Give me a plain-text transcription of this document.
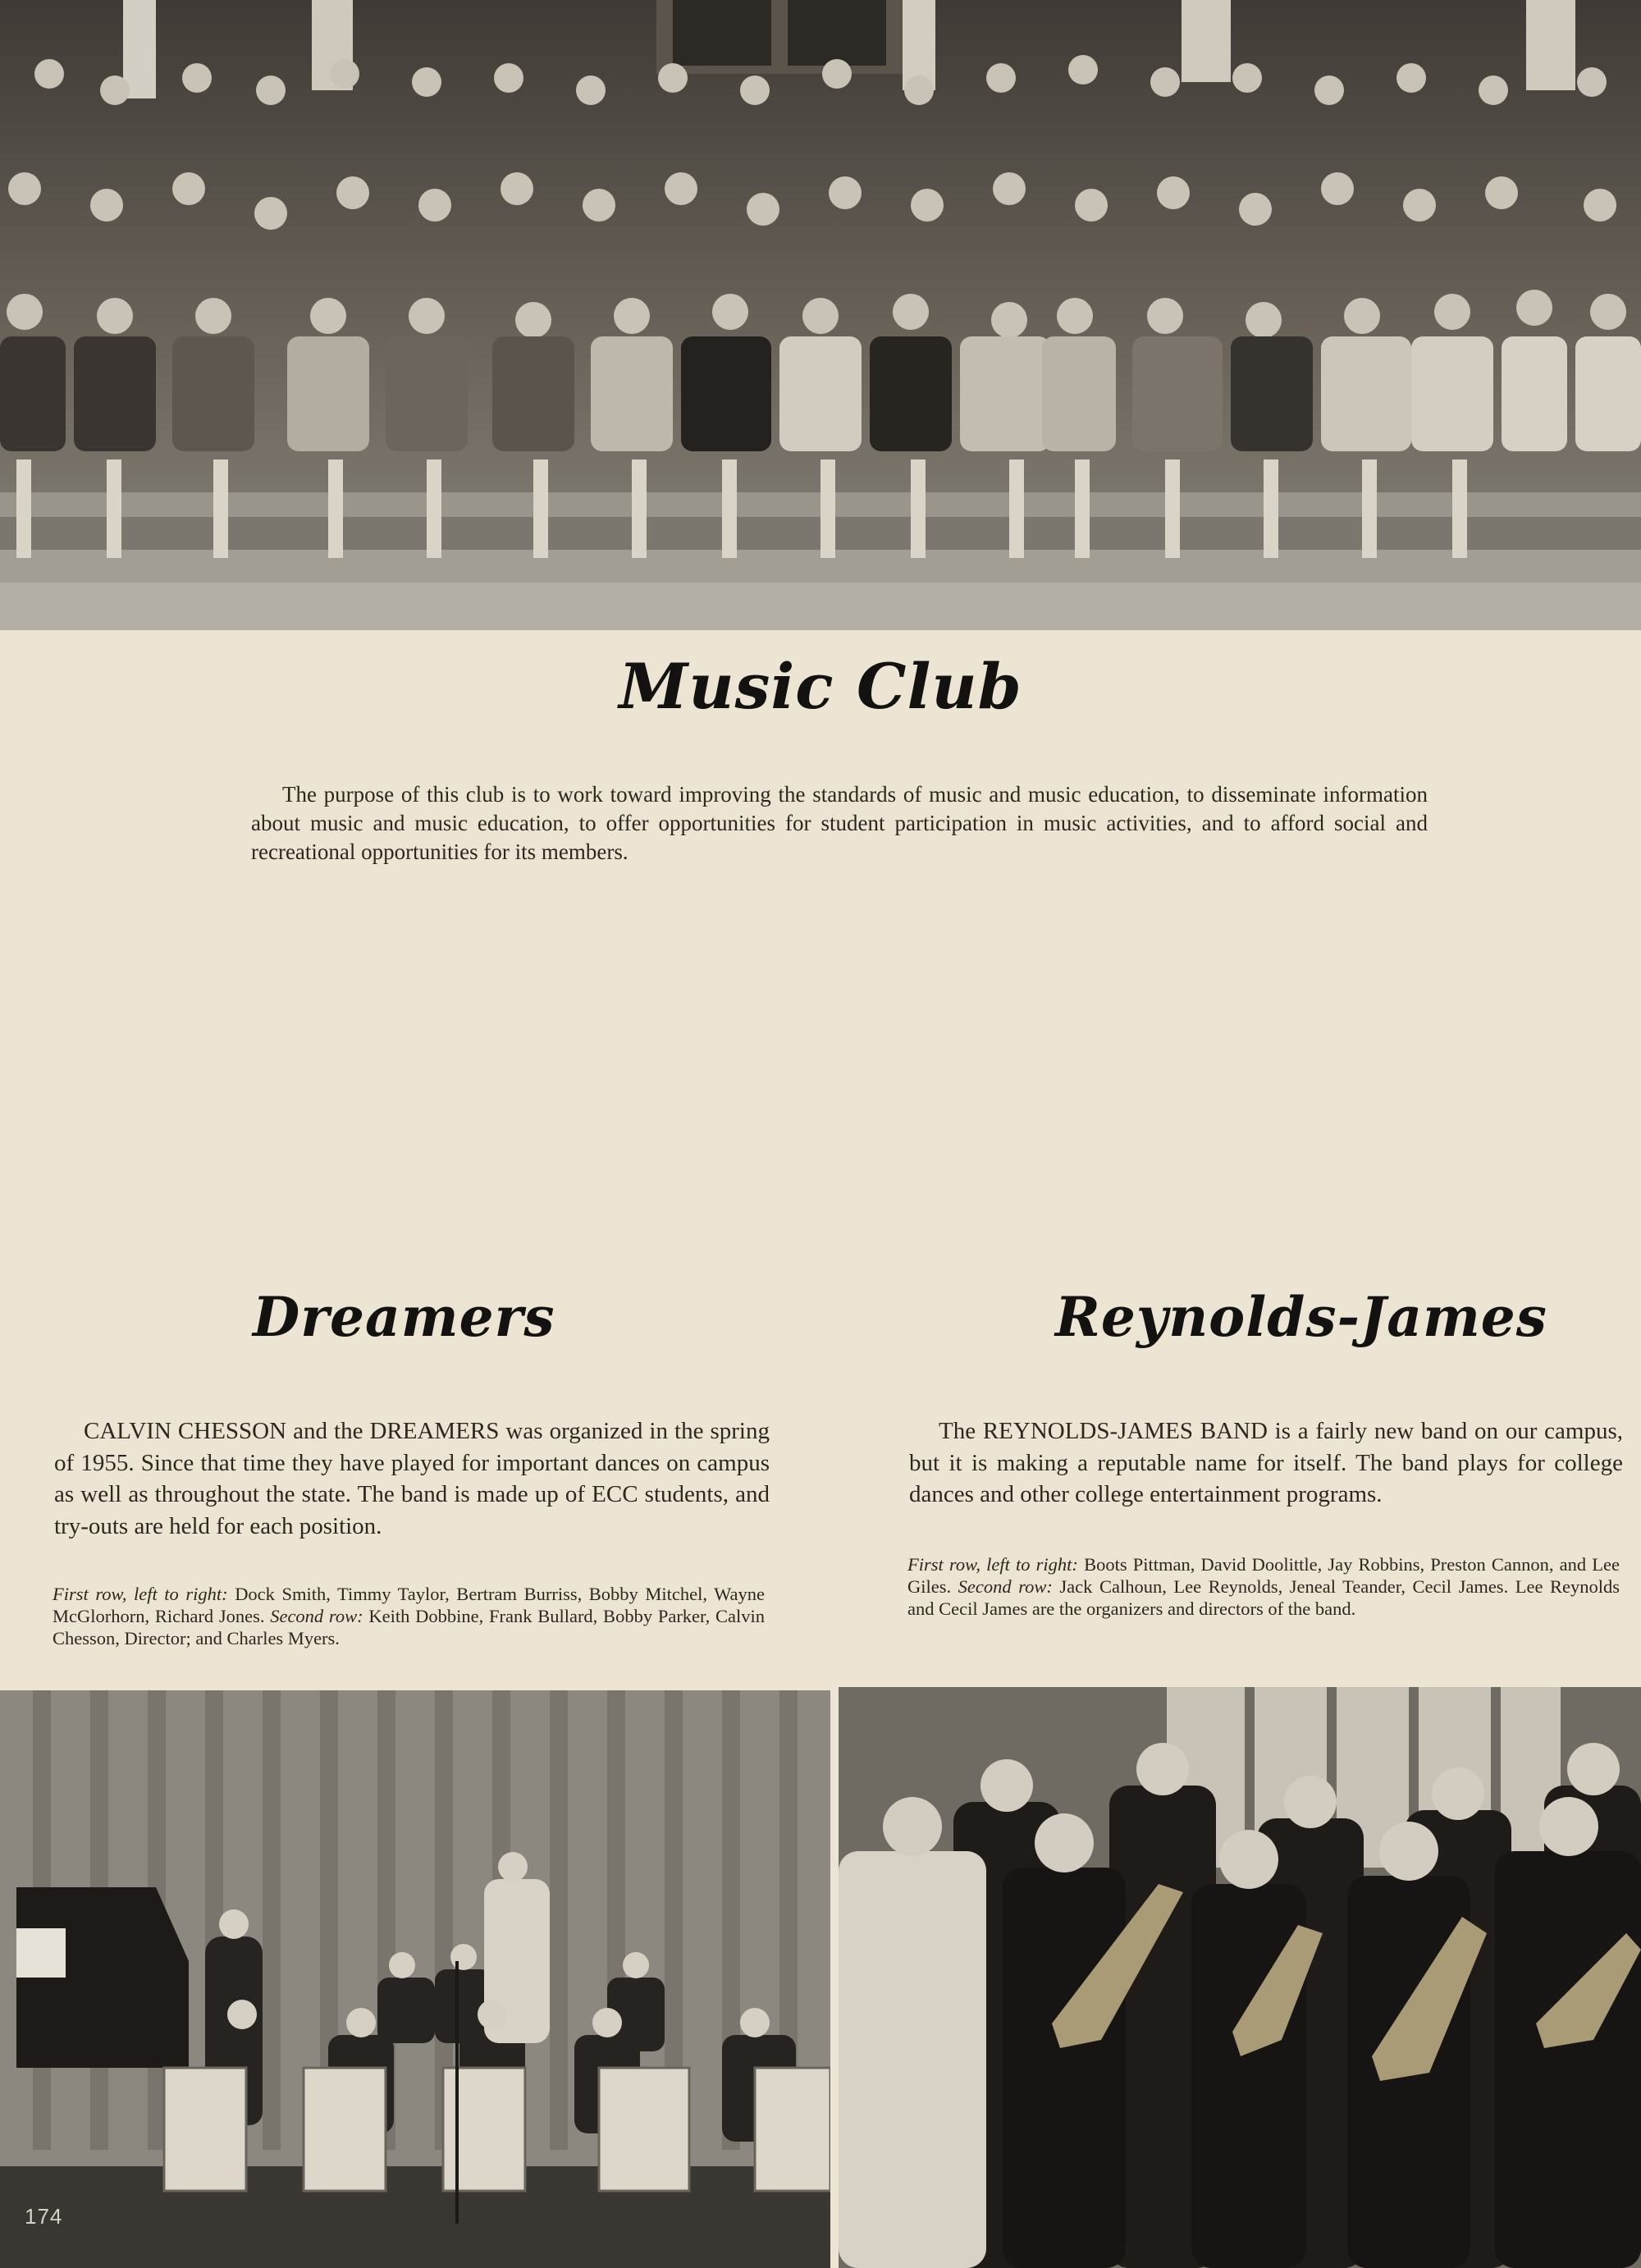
Music Club

The purpose of this club is to work toward improving the standards of music and music education, to disseminate information about music and music education, to offer opportunities for student participation in music activities, and to afford social and recreational opportunities for its members.

Dreamers

CALVIN CHESSON and the DREAMERS was organized in the spring of 1955. Since that time they have played for important dances on campus as well as throughout the state. The band is made up of ECC students, and try-outs are held for each position.

First row, left to right: Dock Smith, Timmy Taylor, Bertram Burriss, Bobby Mitchel, Wayne McGlorhorn, Richard Jones. Second row: Keith Dobbine, Frank Bullard, Bobby Parker, Calvin Chesson, Director; and Charles Myers.

Reynolds-James

The REYNOLDS-JAMES BAND is a fairly new band on our campus, but it is making a reputable name for itself. The band plays for college dances and other college entertainment programs.

First row, left to right: Boots Pittman, David Doolittle, Jay Robbins, Preston Cannon, and Lee Giles. Second row: Jack Calhoun, Lee Reynolds, Jeneal Teander, Cecil James. Lee Reynolds and Cecil James are the organizers and directors of the band.

174
